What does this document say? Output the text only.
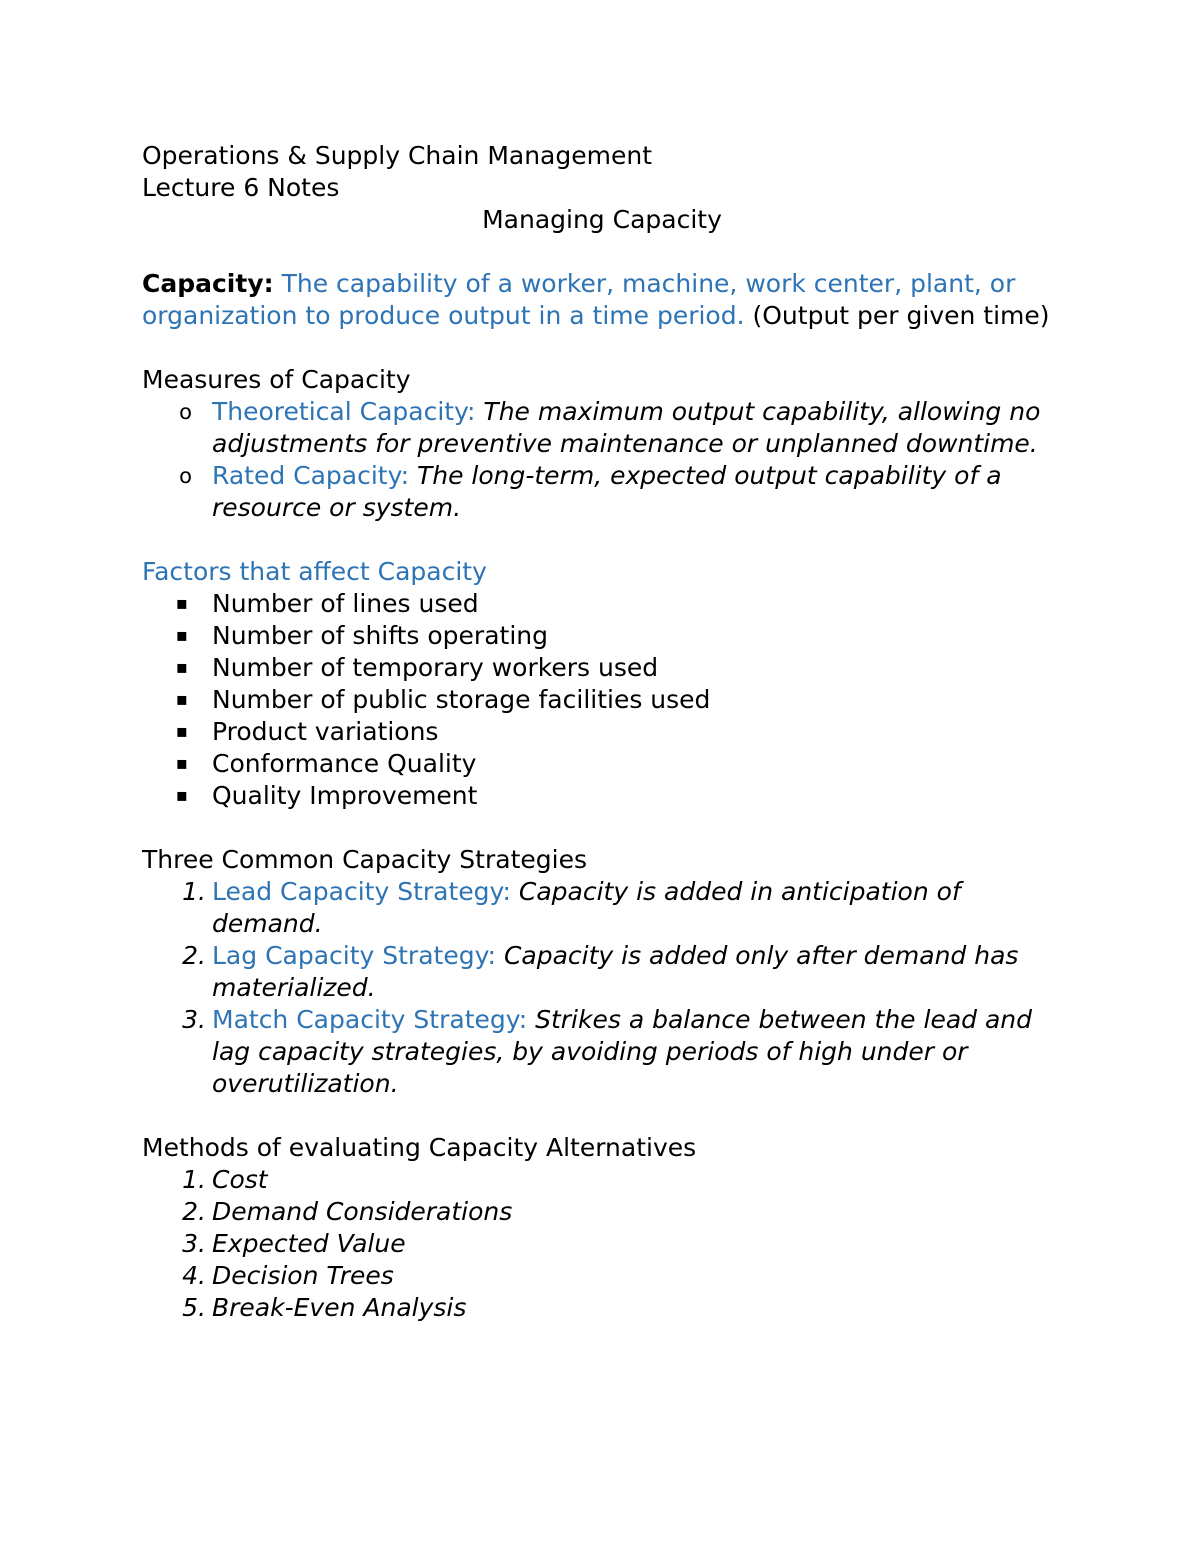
Operations & Supply Chain Management

Lecture 6 Notes

Managing Capacity

Capacity: The capability of a worker, machine, work center, plant, or organization to produce output in a time period. (Output per given time)

Measures of Capacity

o Theoretical Capacity: The maximum output capability, allowing no adjustments for preventive maintenance or unplanned downtime.
o Rated Capacity: The long-term, expected output capability of a resource or system.

Factors that affect Capacity

▪ Number of lines used
▪ Number of shifts operating
▪ Number of temporary workers used
▪ Number of public storage facilities used
▪ Product variations
▪ Conformance Quality
▪ Quality Improvement

Three Common Capacity Strategies

1. Lead Capacity Strategy: Capacity is added in anticipation of demand.
2. Lag Capacity Strategy: Capacity is added only after demand has materialized.
3. Match Capacity Strategy: Strikes a balance between the lead and lag capacity strategies, by avoiding periods of high under or overutilization.

Methods of evaluating Capacity Alternatives

1. Cost
2. Demand Considerations
3. Expected Value
4. Decision Trees
5. Break-Even Analysis
